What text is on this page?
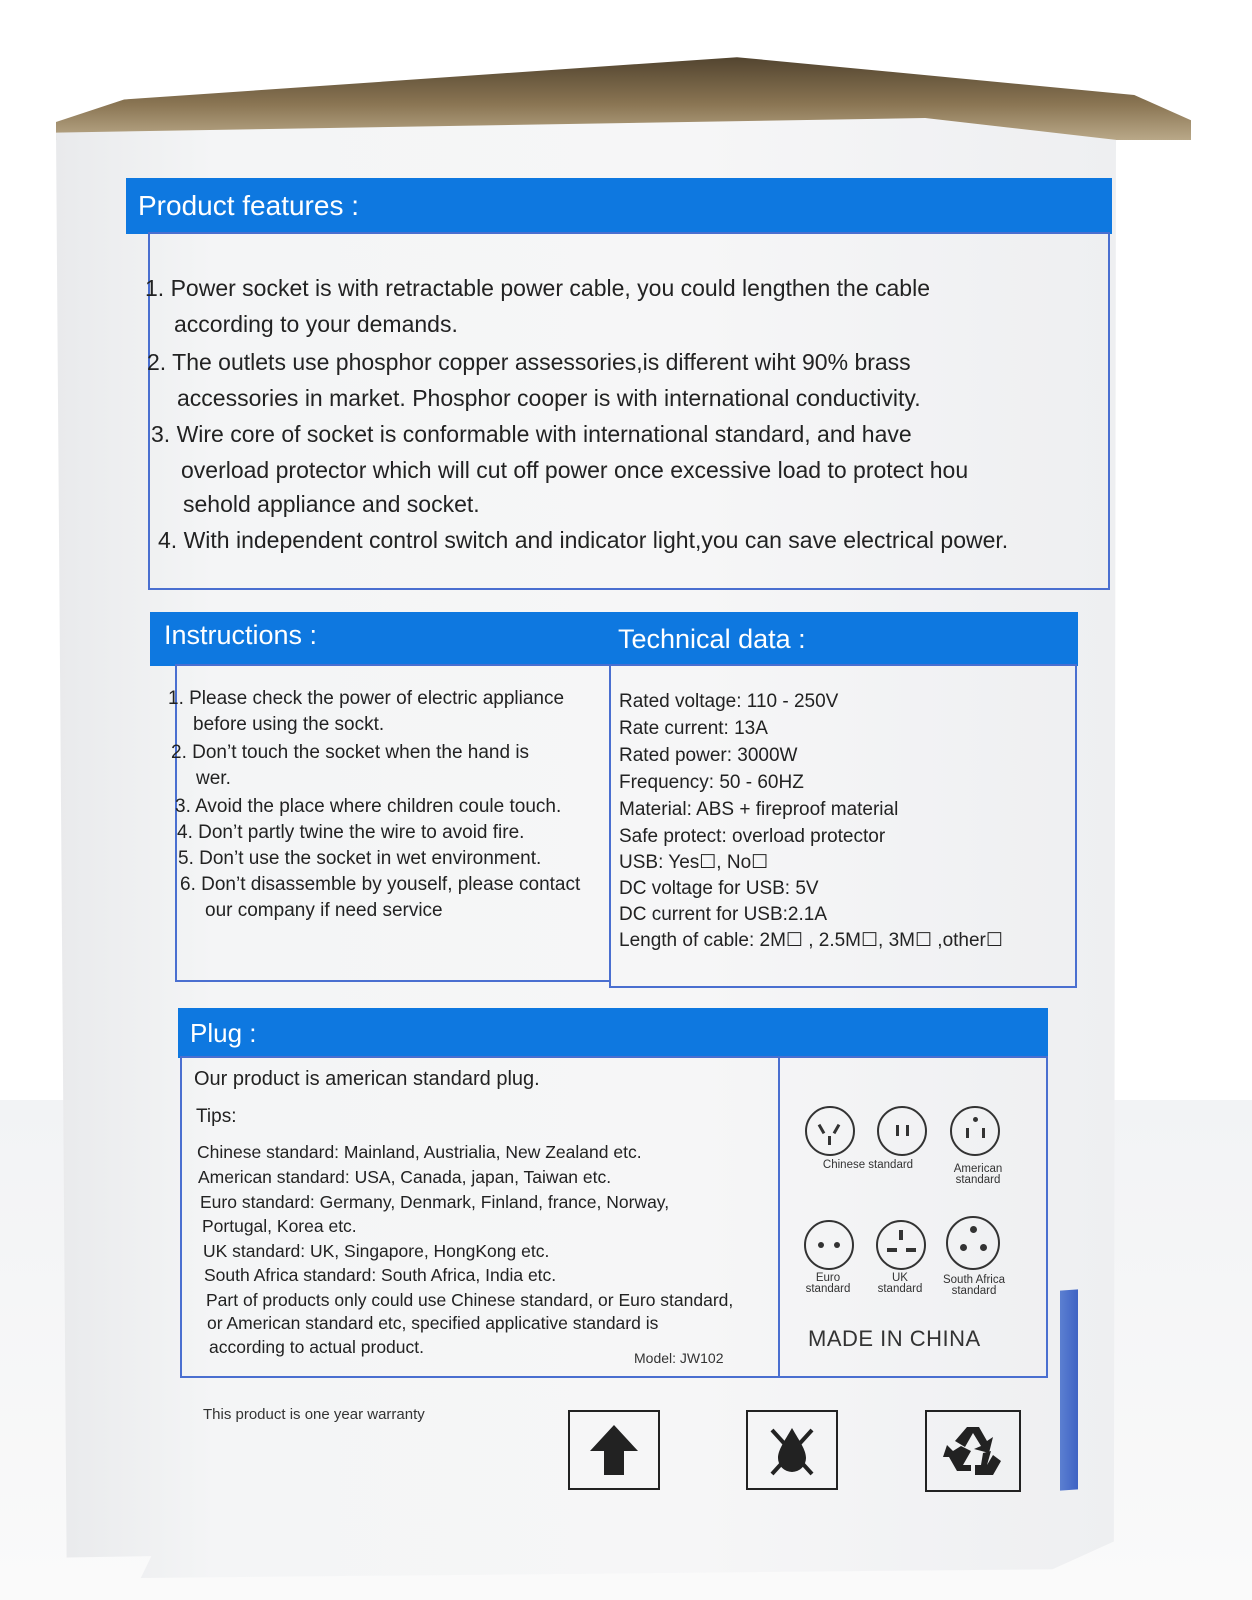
Product features :
1. Power socket is with retractable power cable, you could lengthen the cable
according to your demands.
2. The outlets use phosphor copper assessories,is different wiht 90% brass
accessories in market. Phosphor cooper is with international conductivity.
3. Wire core of socket is conformable with international standard, and have
overload protector which will cut off power once excessive load to protect hou
sehold appliance and socket.
4. With independent control switch and indicator light,you can save electrical power.
Instructions :	Technical data :
1. Please check the power of electric appliance
before using the sockt.
2. Don’t touch the socket when the hand is
wer.
3. Avoid the place where children coule touch.
4. Don’t partly twine the wire to avoid fire.
5. Don’t use the socket in wet environment.
6. Don’t disassemble by youself, please contact
our company if need service
Rated voltage: 110 - 250V
Rate current: 13A
Rated power: 3000W
Frequency: 50 - 60HZ
Material: ABS + fireproof material
Safe protect: overload protector
USB: Yes☐, No☐
DC voltage for USB: 5V
DC current for USB:2.1A
Length of cable: 2M☐ , 2.5M☐, 3M☐ ,other☐
Plug :
Our product is american standard plug.
Tips:
Chinese standard: Mainland, Austrialia, New Zealand etc.
American standard: USA, Canada, japan, Taiwan etc.
Euro standard: Germany, Denmark, Finland, france, Norway,
Portugal, Korea etc.
UK standard: UK, Singapore, HongKong etc.
South Africa standard: South Africa, India etc.
Part of products only could use Chinese standard, or Euro standard,
or American standard etc, specified applicative standard is
according to actual product.
Model: JW102
Chinese standard	American standard
Euro standard
UK standard
South Africa standard
MADE IN CHINA
This product is one year warranty
